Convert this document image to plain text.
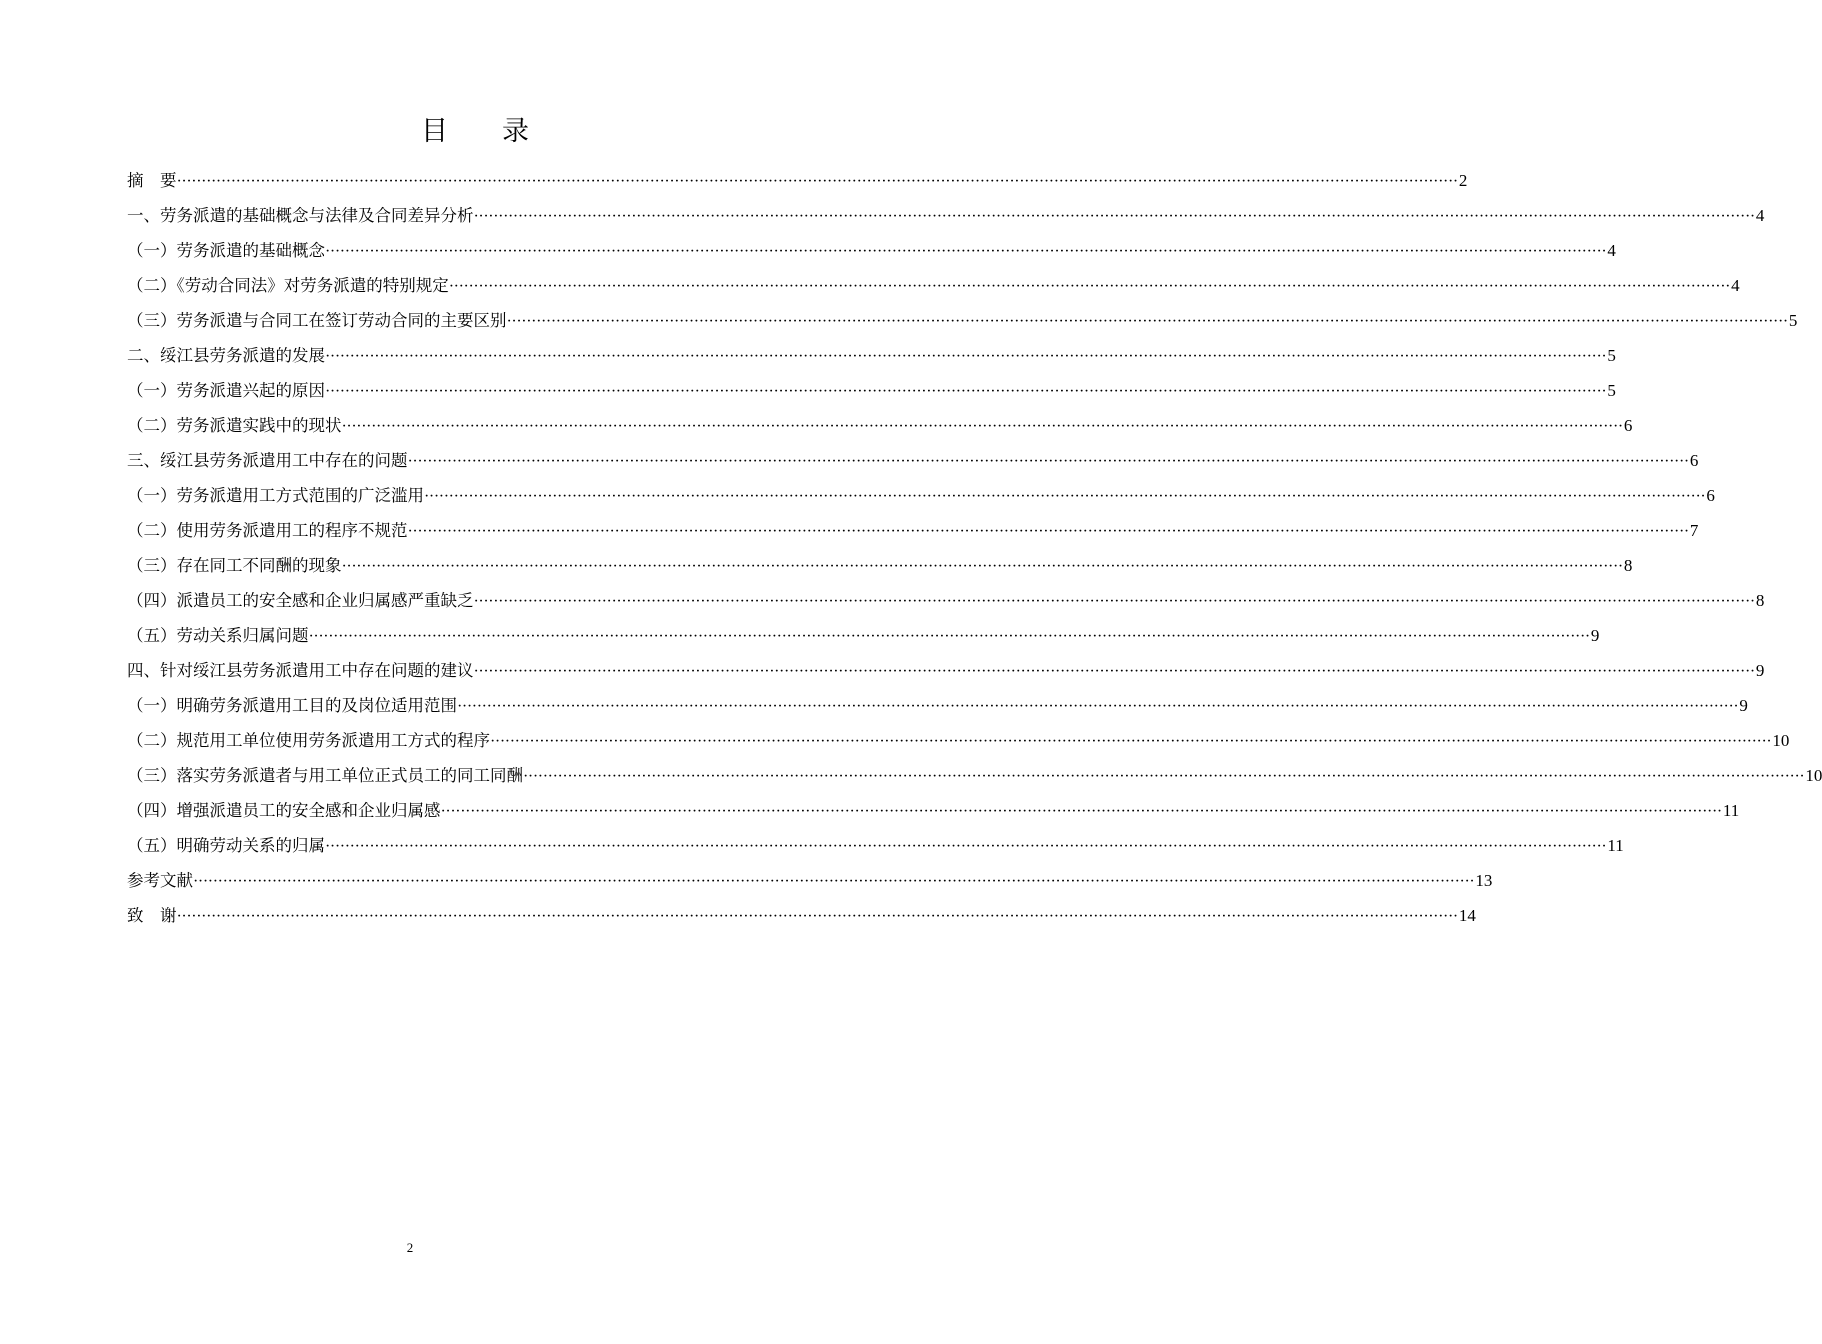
目　　录
摘　要 ···································································································································································································································································· 2
一、劳务派遣的基础概念与法律及合同差异分析 ···································································································································································································································································· 4
（一）劳务派遣的基础概念 ···································································································································································································································································· 4
（二）《劳动合同法》对劳务派遣的特别规定 ···································································································································································································································································· 4
（三）劳务派遣与合同工在签订劳动合同的主要区别 ···································································································································································································································································· 5
二、绥江县劳务派遣的发展 ···································································································································································································································································· 5
（一）劳务派遣兴起的原因 ···································································································································································································································································· 5
（二）劳务派遣实践中的现状 ···································································································································································································································································· 6
三、绥江县劳务派遣用工中存在的问题 ···································································································································································································································································· 6
（一）劳务派遣用工方式范围的广泛滥用 ···································································································································································································································································· 6
（二）使用劳务派遣用工的程序不规范 ···································································································································································································································································· 7
（三）存在同工不同酬的现象 ···································································································································································································································································· 8
（四）派遣员工的安全感和企业归属感严重缺乏 ···································································································································································································································································· 8
（五）劳动关系归属问题 ···································································································································································································································································· 9
四、针对绥江县劳务派遣用工中存在问题的建议 ···································································································································································································································································· 9
（一）明确劳务派遣用工目的及岗位适用范围 ···································································································································································································································································· 9
（二）规范用工单位使用劳务派遣用工方式的程序 ···································································································································································································································································· 10
（三）落实劳务派遣者与用工单位正式员工的同工同酬 ···································································································································································································································································· 10
（四）增强派遣员工的安全感和企业归属感 ···································································································································································································································································· 11
（五）明确劳动关系的归属 ···································································································································································································································································· 11
参考文献 ···································································································································································································································································· 13
致　谢 ···································································································································································································································································· 14
2
